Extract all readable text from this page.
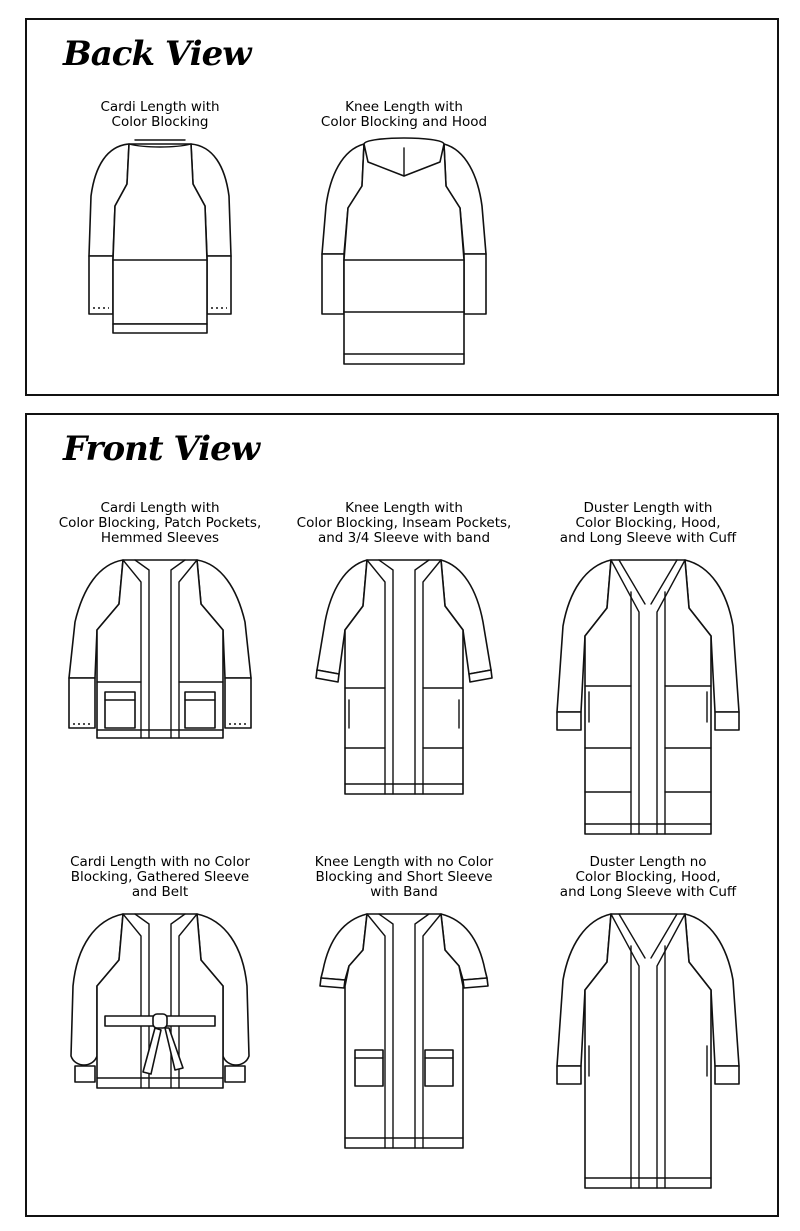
Back View

Cardi Length with
Color Blocking

Knee Length with
Color Blocking and Hood

Front View

Cardi Length with
Color Blocking, Patch Pockets,
Hemmed Sleeves

Knee Length with
Color Blocking, Inseam Pockets,
and 3/4 Sleeve with band

Duster Length with
Color Blocking, Hood,
and Long Sleeve with Cuff

Cardi Length with no Color
Blocking, Gathered Sleeve
and Belt

Knee Length with no Color
Blocking and Short Sleeve
with Band

Duster Length no
Color Blocking, Hood,
and Long Sleeve with Cuff
